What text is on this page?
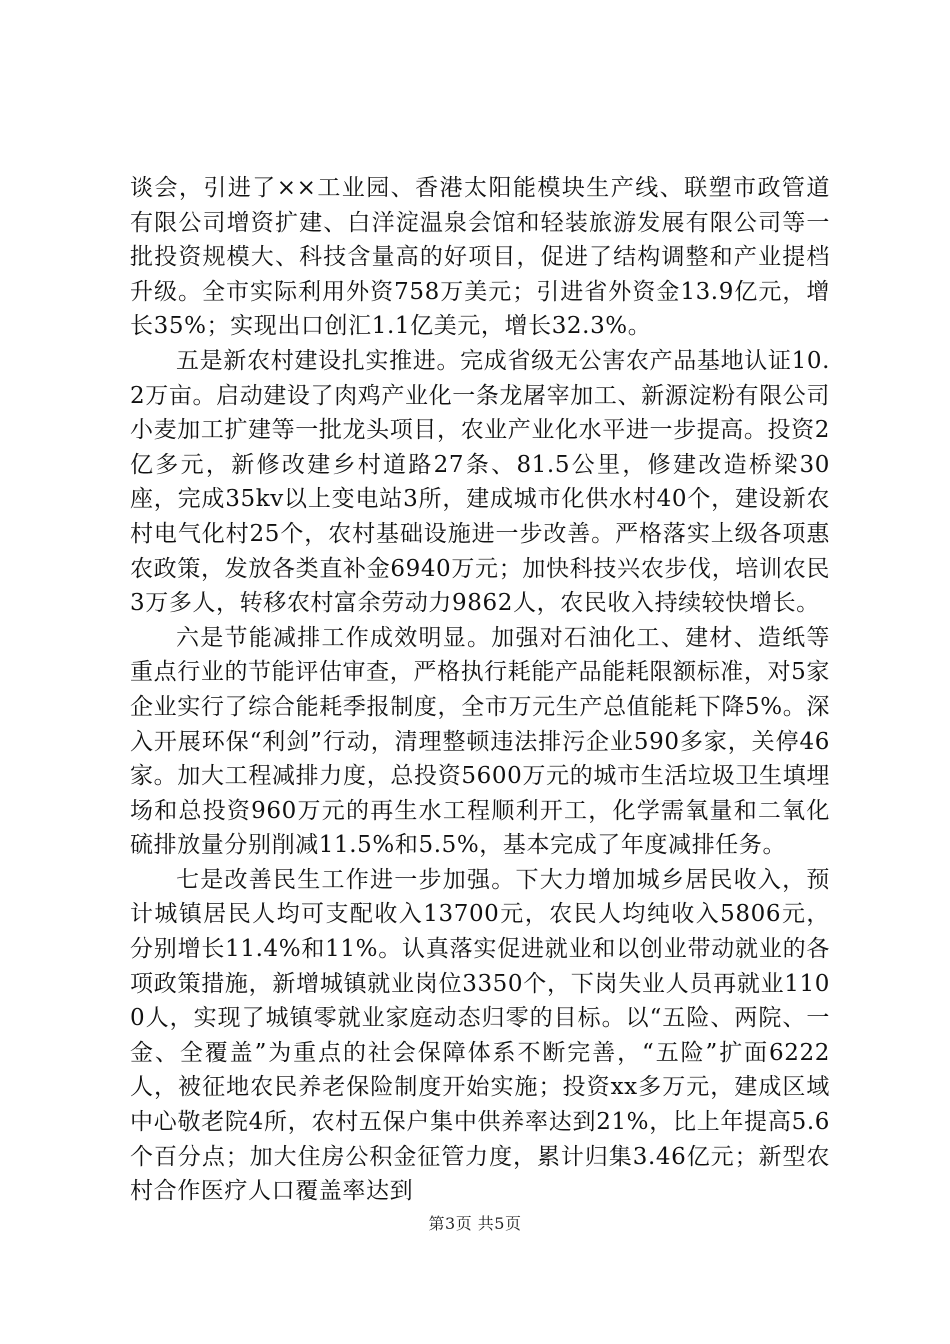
谈会，引进了××工业园、香港太阳能模块生产线、联塑市政管道有限公司增资扩建、白洋淀温泉会馆和轻装旅游发展有限公司等一批投资规模大、科技含量高的好项目，促进了结构调整和产业提档升级。全市实际利用外资758万美元；引进省外资金13.9亿元，增长35%；实现出口创汇1.1亿美元，增长32.3%。

五是新农村建设扎实推进。完成省级无公害农产品基地认证10.2万亩。启动建设了肉鸡产业化一条龙屠宰加工、新源淀粉有限公司小麦加工扩建等一批龙头项目，农业产业化水平进一步提高。投资2亿多元，新修改建乡村道路27条、81.5公里，修建改造桥梁30座，完成35kv以上变电站3所，建成城市化供水村40个，建设新农村电气化村25个，农村基础设施进一步改善。严格落实上级各项惠农政策，发放各类直补金6940万元；加快科技兴农步伐，培训农民3万多人，转移农村富余劳动力9862人，农民收入持续较快增长。

六是节能减排工作成效明显。加强对石油化工、建材、造纸等重点行业的节能评估审查，严格执行耗能产品能耗限额标准，对5家企业实行了综合能耗季报制度，全市万元生产总值能耗下降5%。深入开展环保“利剑”行动，清理整顿违法排污企业590多家，关停46家。加大工程减排力度，总投资5600万元的城市生活垃圾卫生填埋场和总投资960万元的再生水工程顺利开工，化学需氧量和二氧化硫排放量分别削减11.5%和5.5%，基本完成了年度减排任务。

七是改善民生工作进一步加强。下大力增加城乡居民收入，预计城镇居民人均可支配收入13700元，农民人均纯收入5806元，分别增长11.4%和11%。认真落实促进就业和以创业带动就业的各项政策措施，新增城镇就业岗位3350个，下岗失业人员再就业1100人，实现了城镇零就业家庭动态归零的目标。以“五险、两院、一金、全覆盖”为重点的社会保障体系不断完善，“五险”扩面6222人，被征地农民养老保险制度开始实施；投资xx多万元，建成区域中心敬老院4所，农村五保户集中供养率达到21%，比上年提高5.6个百分点；加大住房公积金征管力度，累计归集3.46亿元；新型农村合作医疗人口覆盖率达到

第3页 共5页
